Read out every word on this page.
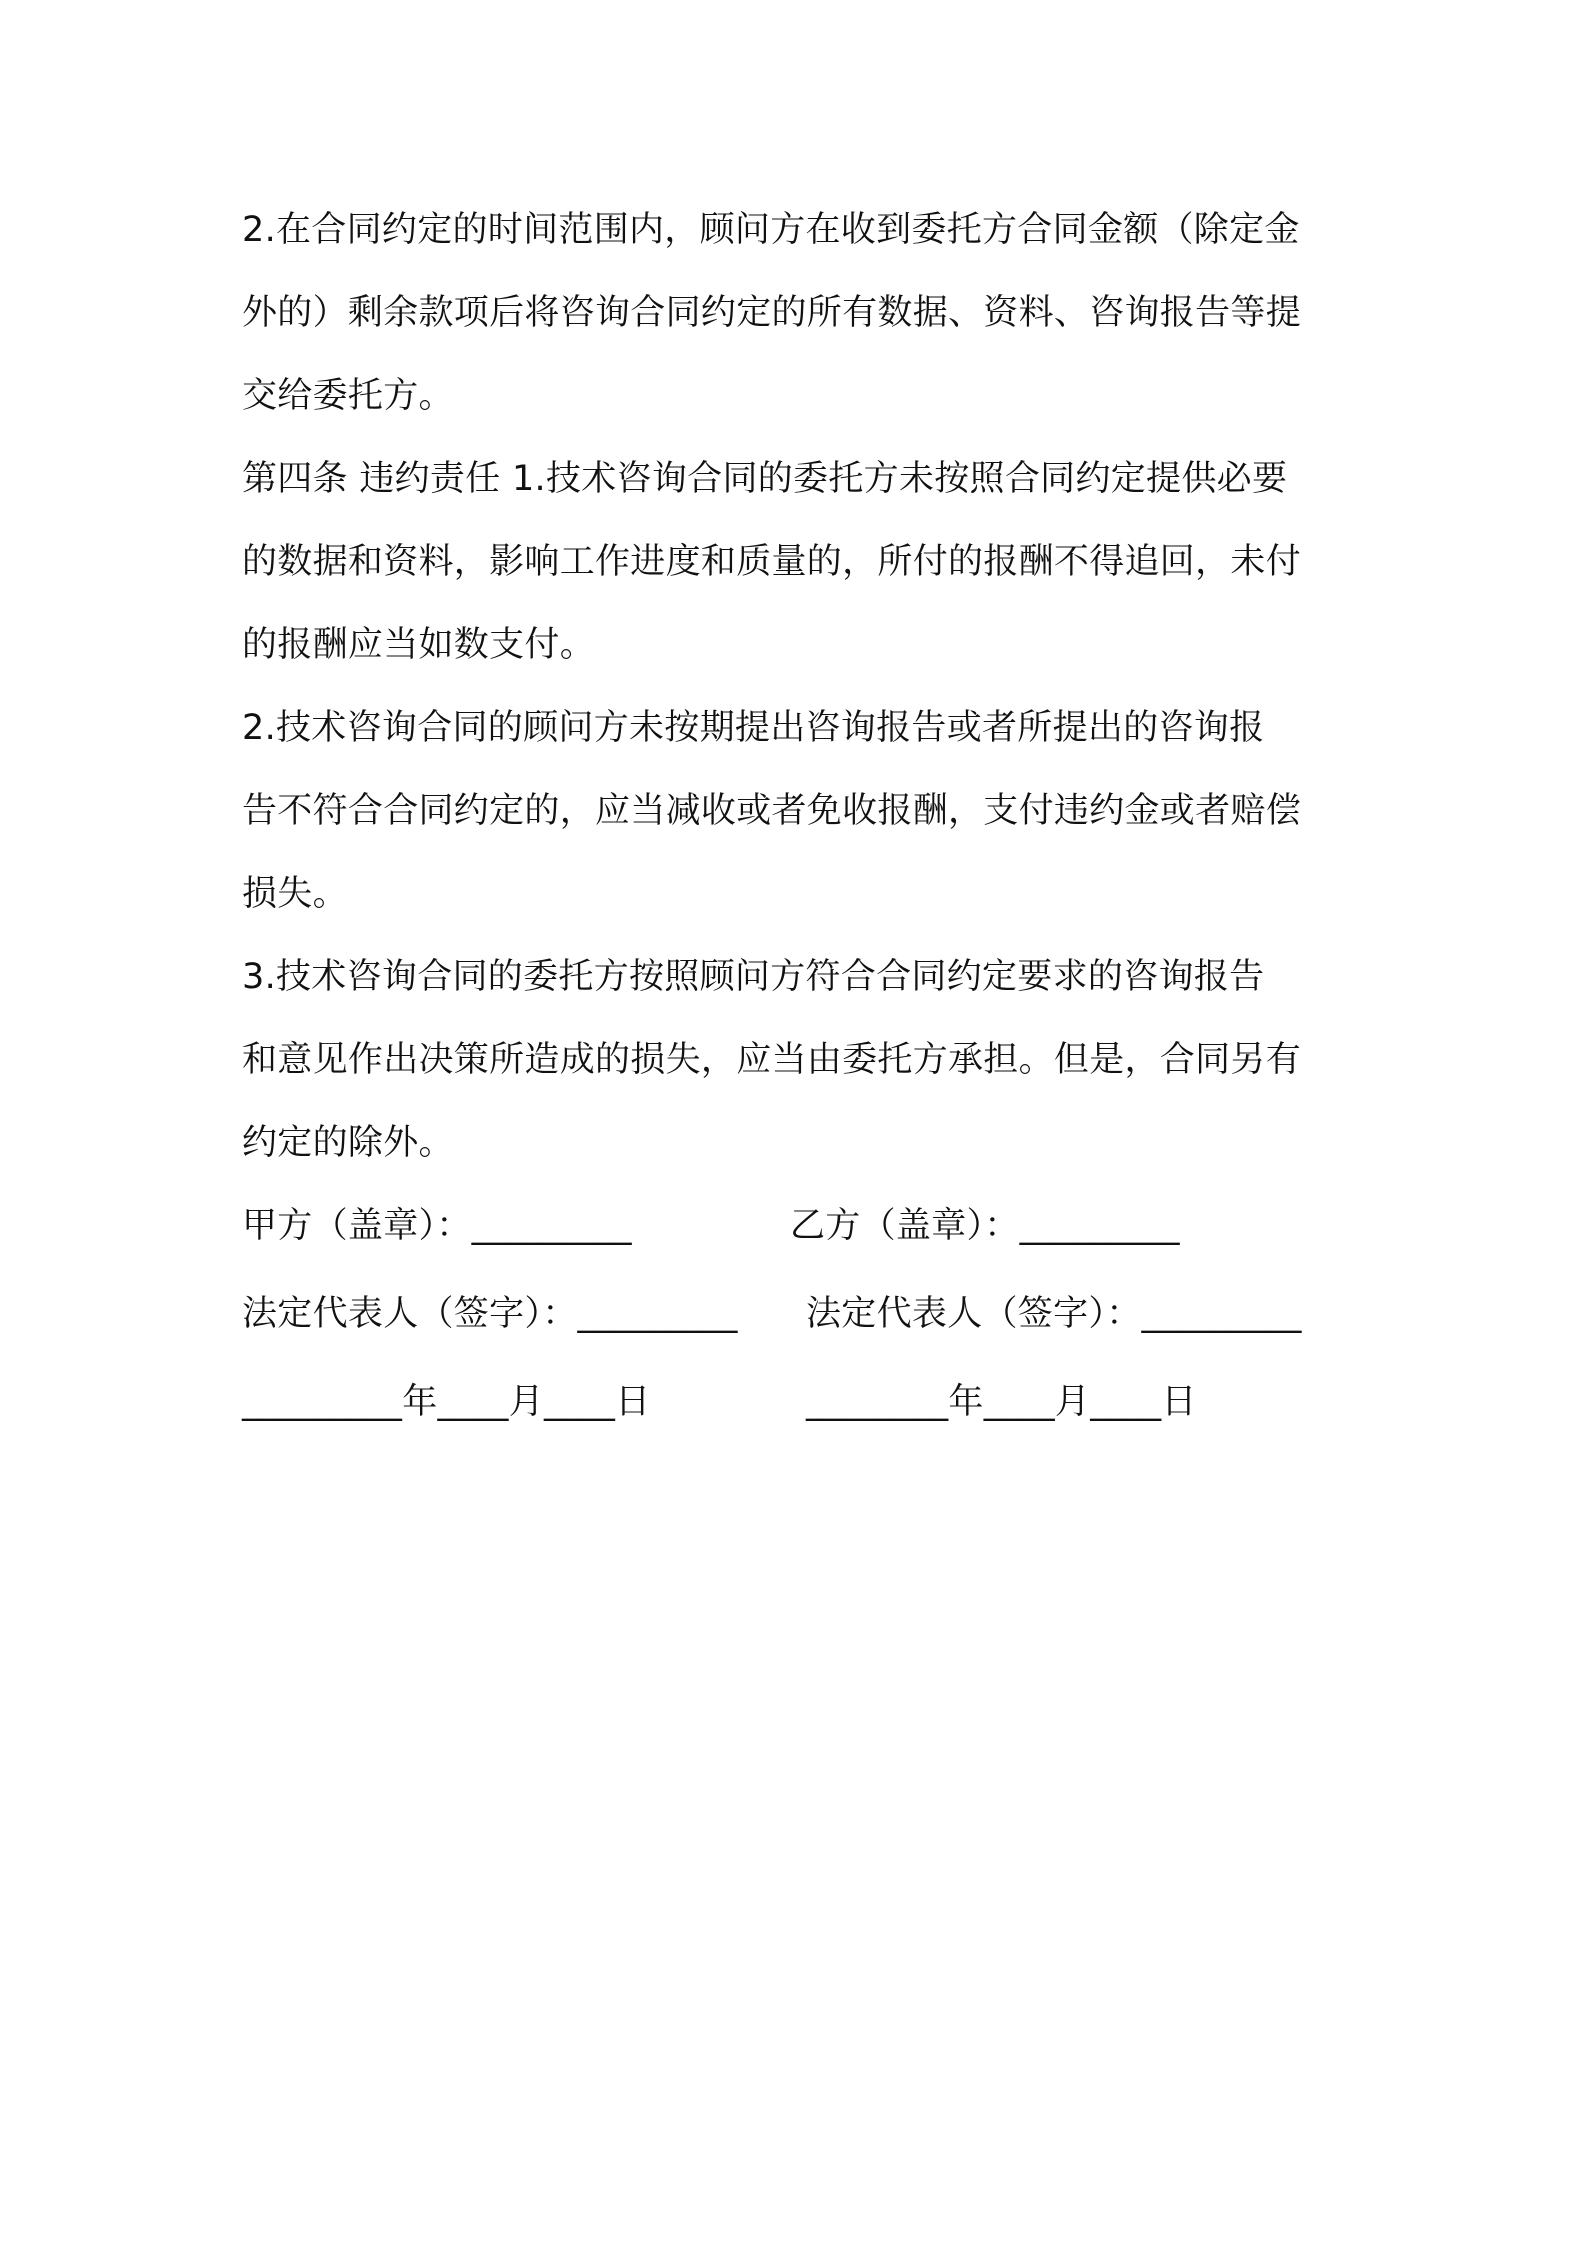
2.在合同约定的时间范围内，顾问方在收到委托方合同金额（除定金
外的）剩余款项后将咨询合同约定的所有数据、资料、咨询报告等提
交给委托方。
第四条 违约责任 1.技术咨询合同的委托方未按照合同约定提供必要
的数据和资料，影响工作进度和质量的，所付的报酬不得追回，未付
的报酬应当如数支付。
2.技术咨询合同的顾问方未按期提出咨询报告或者所提出的咨询报
告不符合合同约定的，应当减收或者免收报酬，支付违约金或者赔偿
损失。
3.技术咨询合同的委托方按照顾问方符合合同约定要求的咨询报告
和意见作出决策所造成的损失，应当由委托方承担。但是，合同另有
约定的除外。
甲方（盖章）：_________	乙方（盖章）：_________
法定代表人（签字）：_________ 法定代表人（签字）：_________
_________年____月____日	________年____月____日
